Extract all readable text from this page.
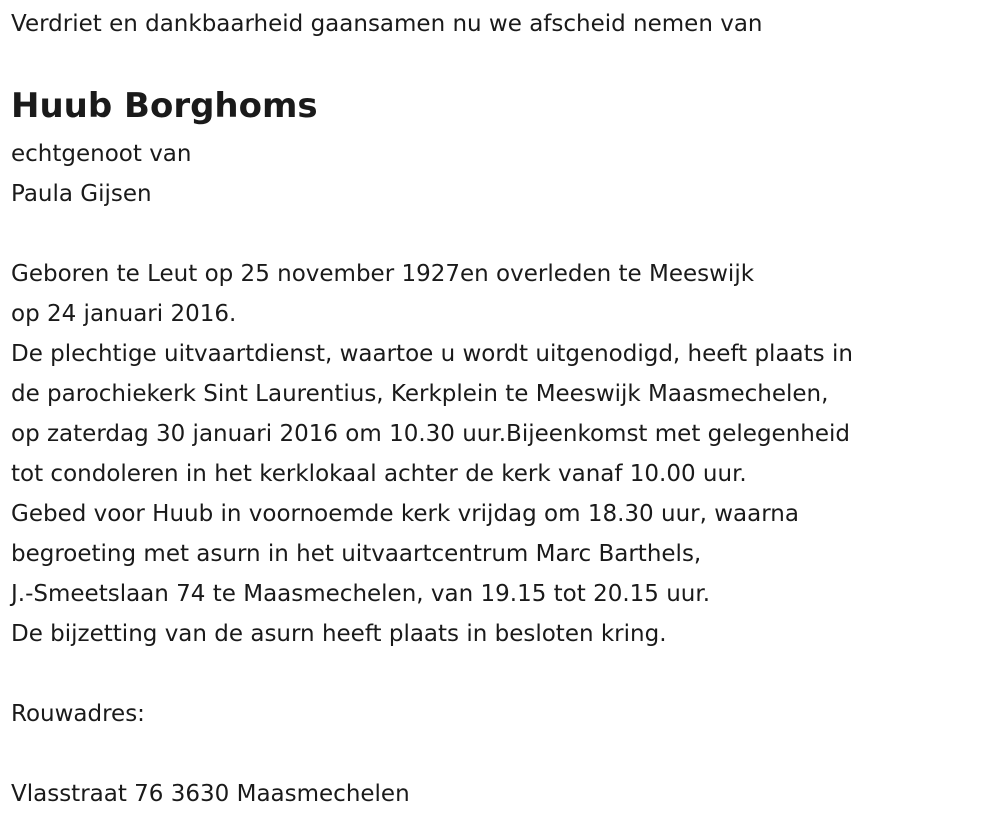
Verdriet en dankbaarheid gaansamen nu we afscheid nemen van
Huub Borghoms
echtgenoot van
Paula Gijsen
Geboren te Leut op 25 november 1927en overleden te Meeswijk
op 24 januari 2016.
De plechtige uitvaartdienst, waartoe u wordt uitgenodigd, heeft plaats in
de parochiekerk Sint Laurentius, Kerkplein te Meeswijk Maasmechelen,
op zaterdag 30 januari 2016 om 10.30 uur.Bijeenkomst met gelegenheid
tot condoleren in het kerklokaal achter de kerk vanaf 10.00 uur.
Gebed voor Huub in voornoemde kerk vrijdag om 18.30 uur, waarna
begroeting met asurn in het uitvaartcentrum Marc Barthels,
J.-Smeetslaan 74 te Maasmechelen, van 19.15 tot 20.15 uur.
De bijzetting van de asurn heeft plaats in besloten kring.
Rouwadres:
Vlasstraat 76 3630 Maasmechelen
